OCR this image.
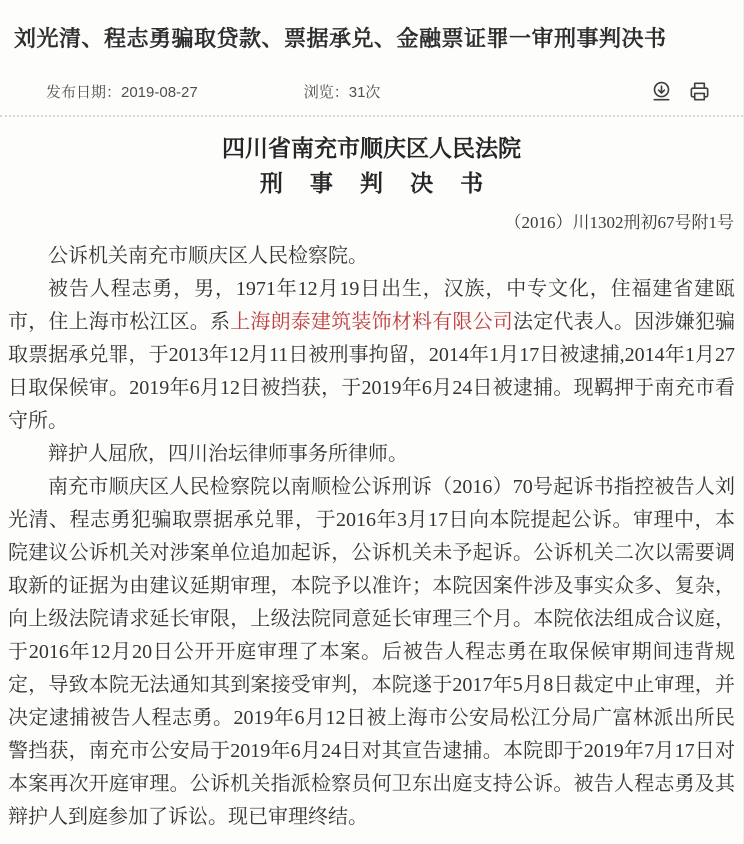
刘光清、程志勇骗取贷款、票据承兑、金融票证罪一审刑事判决书
发布日期：2019-08-27	浏览：31次
四川省南充市顺庆区人民法院
刑 事 判 决 书
（2016）川1302刑初67号附1号

公诉机关南充市顺庆区人民检察院。

被告人程志勇，男，1971年12月19日出生，汉族，中专文化，住福建省建瓯市，住上海市松江区。系上海朗泰建筑装饰材料有限公司法定代表人。因涉嫌犯骗取票据承兑罪，于2013年12月11日被刑事拘留，2014年1月17日被逮捕,2014年1月27日取保候审。2019年6月12日被挡获，于2019年6月24日被逮捕。现羁押于南充市看守所。

辩护人屈欣，四川治坛律师事务所律师。

南充市顺庆区人民检察院以南顺检公诉刑诉（2016）70号起诉书指控被告人刘光清、程志勇犯骗取票据承兑罪，于2016年3月17日向本院提起公诉。审理中，本院建议公诉机关对涉案单位追加起诉，公诉机关未予起诉。公诉机关二次以需要调取新的证据为由建议延期审理，本院予以准许；本院因案件涉及事实众多、复杂，向上级法院请求延长审限，上级法院同意延长审理三个月。本院依法组成合议庭，于2016年12月20日公开开庭审理了本案。后被告人程志勇在取保候审期间违背规定，导致本院无法通知其到案接受审判，本院遂于2017年5月8日裁定中止审理，并决定逮捕被告人程志勇。2019年6月12日被上海市公安局松江分局广富林派出所民警挡获，南充市公安局于2019年6月24日对其宣告逮捕。本院即于2019年7月17日对本案再次开庭审理。公诉机关指派检察员何卫东出庭支持公诉。被告人程志勇及其辩护人到庭参加了诉讼。现已审理终结。
